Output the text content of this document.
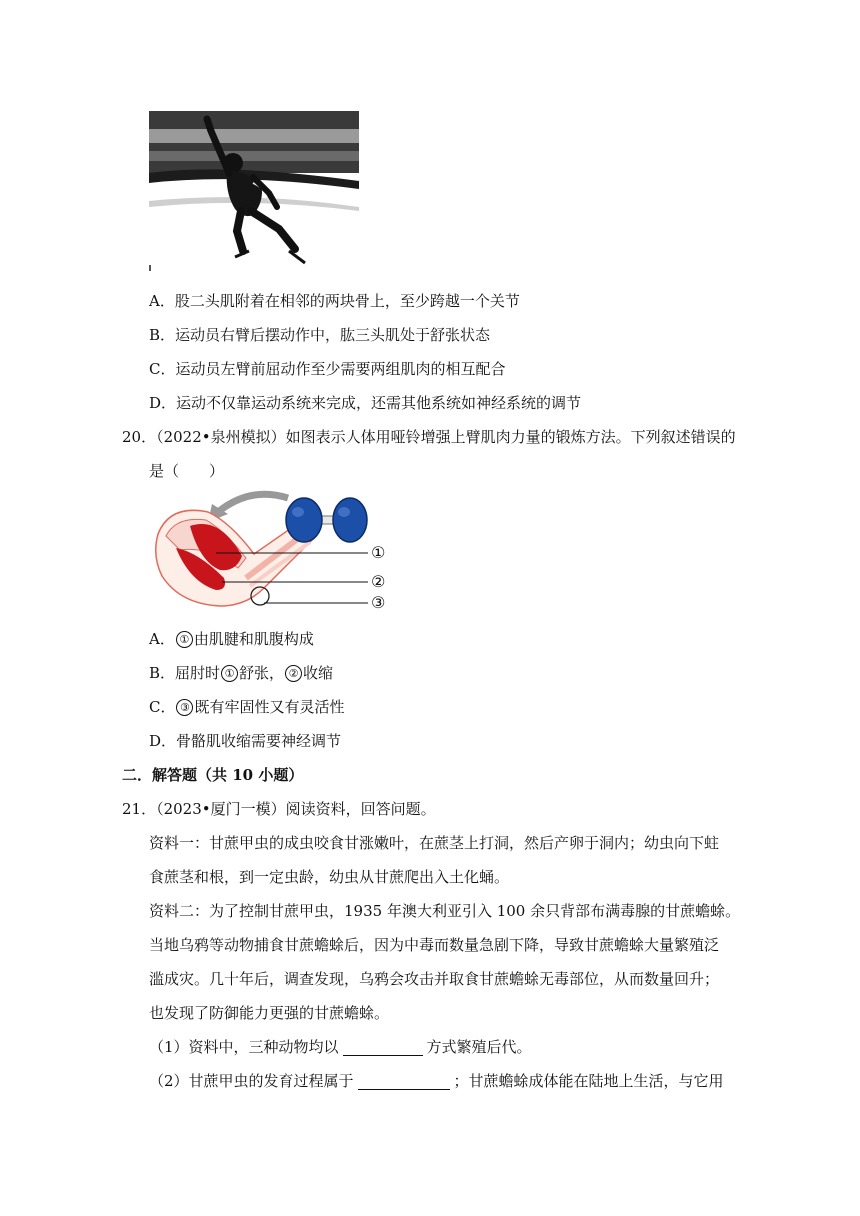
A．股二头肌附着在相邻的两块骨上，至少跨越一个关节
B．运动员右臂后摆动作中，肱三头肌处于舒张状态
C．运动员左臂前屈动作至少需要两组肌肉的相互配合
D．运动不仅靠运动系统来完成，还需其他系统如神经系统的调节
20．（2022•泉州模拟）如图表示人体用哑铃增强上臂肌肉力量的锻炼方法。下列叙述错误的
是（　　）
①
②
③
A． ① 由肌腱和肌腹构成
B．屈肘时 ① 舒张， ② 收缩
C． ③ 既有牢固性又有灵活性
D．骨骼肌收缩需要神经调节
二．解答题（共 10 小题）
21．（2023•厦门一模）阅读资料，回答问题。
资料一：甘蔗甲虫的成虫咬食甘涨嫩叶，在蔗茎上打洞，然后产卵于洞内；幼虫向下蛀
食蔗茎和根，到一定虫龄，幼虫从甘蔗爬出入土化蛹。
资料二：为了控制甘蔗甲虫，1935 年澳大利亚引入 100 余只背部布满毒腺的甘蔗蟾蜍。
当地乌鸦等动物捕食甘蔗蟾蜍后，因为中毒而数量急剧下降，导致甘蔗蟾蜍大量繁殖泛
滥成灾。几十年后，调查发现，乌鸦会攻击并取食甘蔗蟾蜍无毒部位，从而数量回升；
也发现了防御能力更强的甘蔗蟾蜍。
（1）资料中，三种动物均以	方式繁殖后代。
（2）甘蔗甲虫的发育过程属于	；甘蔗蟾蜍成体能在陆地上生活，与它用
